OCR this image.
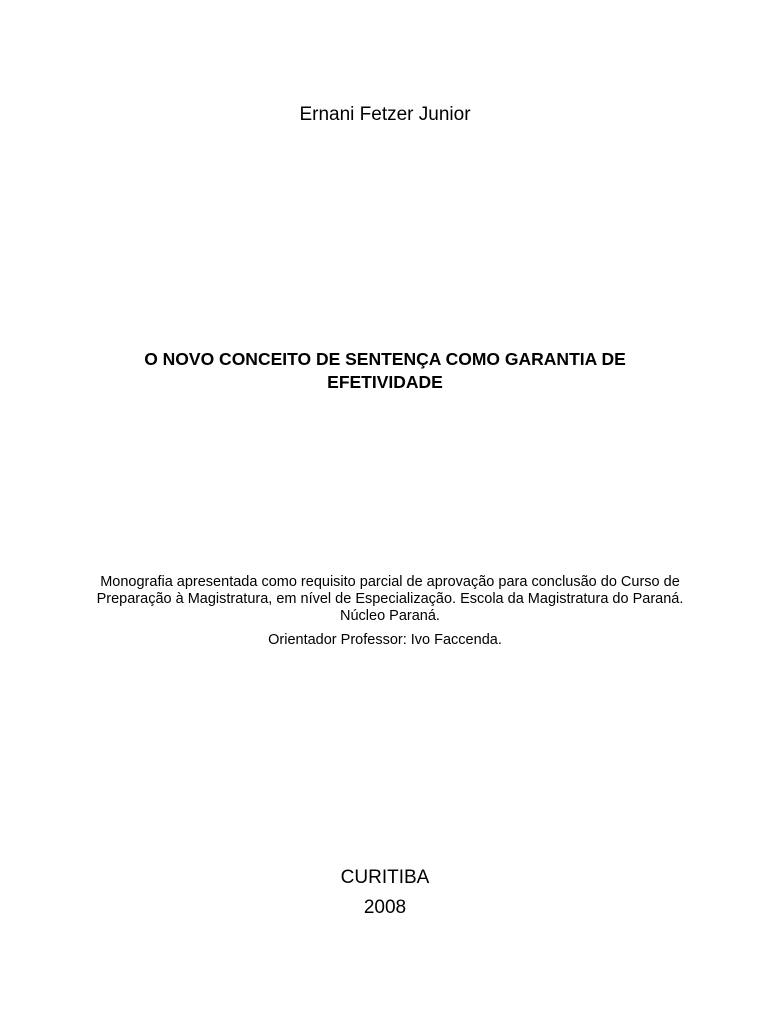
Ernani Fetzer Junior
O NOVO CONCEITO DE SENTENÇA COMO GARANTIA DE
EFETIVIDADE
Monografia apresentada como requisito parcial de aprovação para conclusão do Curso de Preparação à Magistratura, em nível de Especialização. Escola da Magistratura do Paraná. Núcleo Paraná.
Orientador Professor: Ivo Faccenda.
CURITIBA
2008
